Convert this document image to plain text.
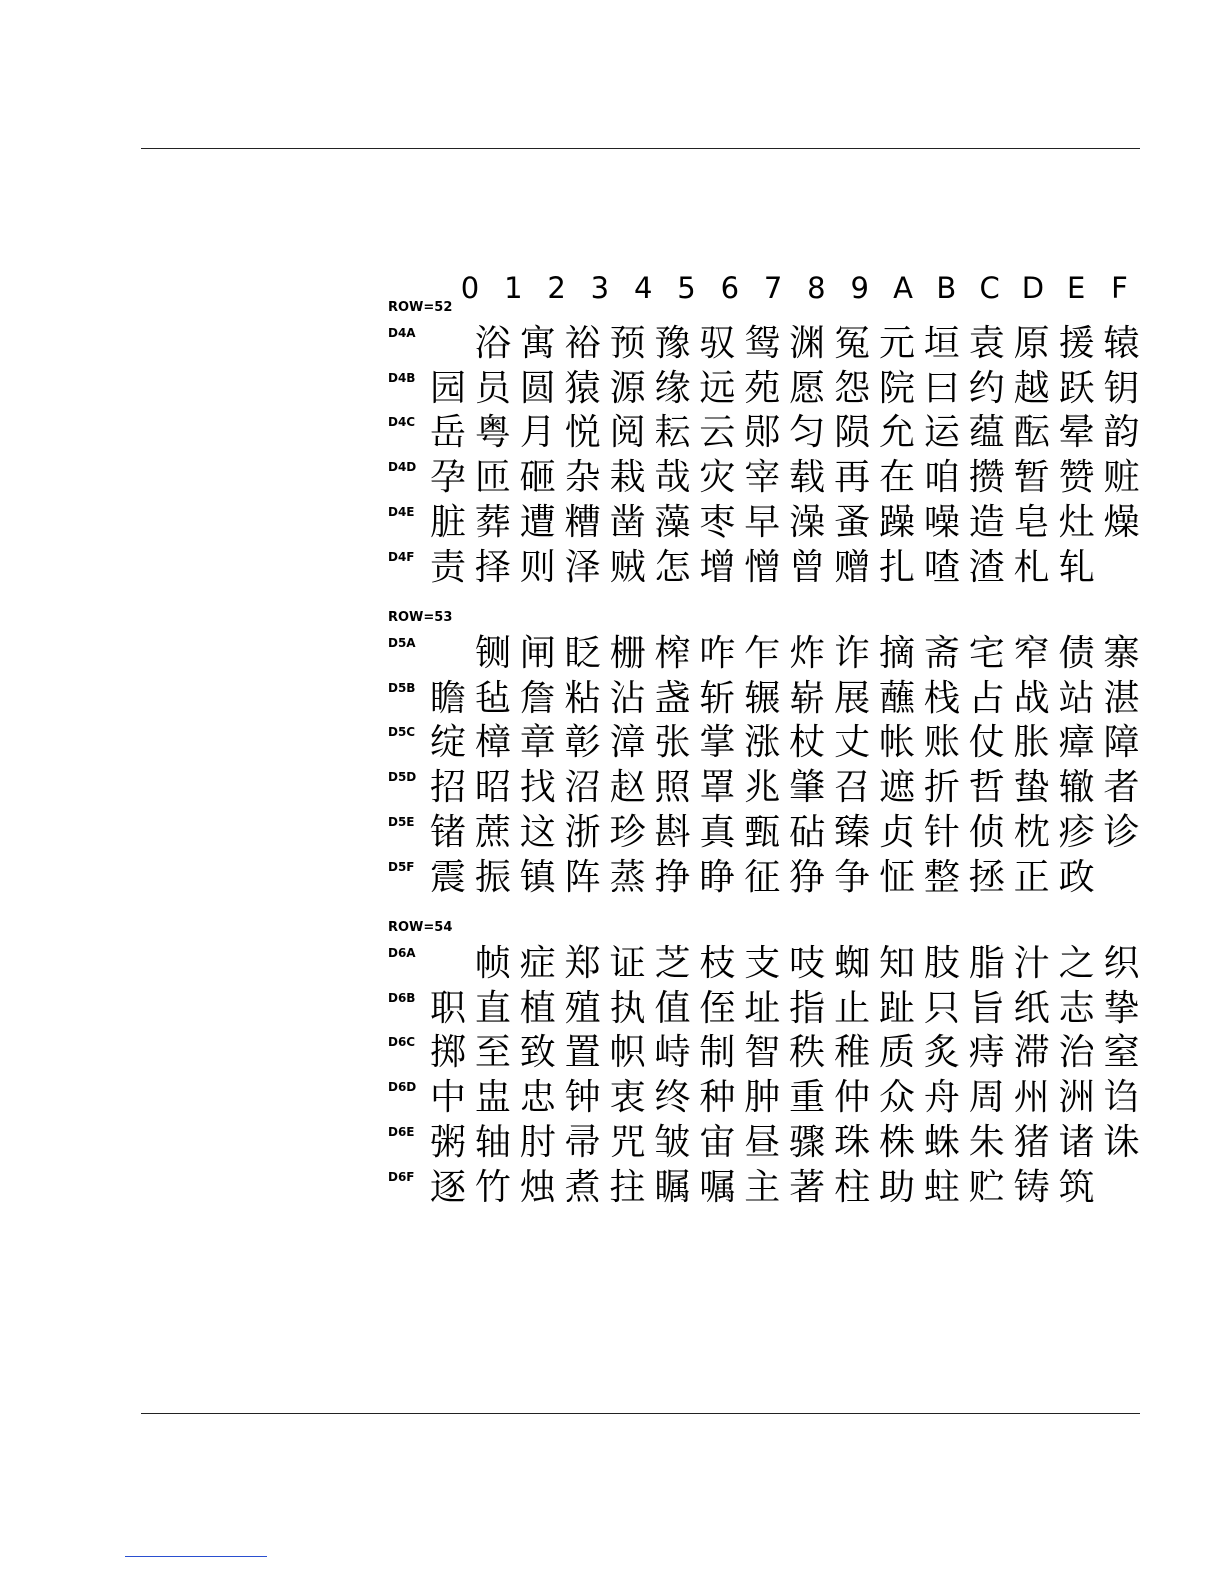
0 1 2 3 4 5 6 7 8 9 A B C D E F
ROW=52
D4A 浴 寓 裕 预 豫 驭 鸳 渊 冤 元 垣 袁 原 援 辕
D4B 园 员 圆 猿 源 缘 远 苑 愿 怨 院 曰 约 越 跃 钥
D4C 岳 粤 月 悦 阅 耘 云 郧 匀 陨 允 运 蕴 酝 晕 韵
D4D 孕 匝 砸 杂 栽 哉 灾 宰 载 再 在 咱 攒 暂 赞 赃
D4E 脏 葬 遭 糟 凿 藻 枣 早 澡 蚤 躁 噪 造 皂 灶 燥
D4F 责 择 则 泽 贼 怎 增 憎 曾 赠 扎 喳 渣 札 轧
ROW=53
D5A 铡 闸 眨 栅 榨 咋 乍 炸 诈 摘 斋 宅 窄 债 寨
D5B 瞻 毡 詹 粘 沾 盏 斩 辗 崭 展 蘸 栈 占 战 站 湛
D5C 绽 樟 章 彰 漳 张 掌 涨 杖 丈 帐 账 仗 胀 瘴 障
D5D 招 昭 找 沼 赵 照 罩 兆 肇 召 遮 折 哲 蛰 辙 者
D5E 锗 蔗 这 浙 珍 斟 真 甄 砧 臻 贞 针 侦 枕 疹 诊
D5F 震 振 镇 阵 蒸 挣 睁 征 狰 争 怔 整 拯 正 政
ROW=54
D6A 帧 症 郑 证 芝 枝 支 吱 蜘 知 肢 脂 汁 之 织
D6B 职 直 植 殖 执 值 侄 址 指 止 趾 只 旨 纸 志 挚
D6C 掷 至 致 置 帜 峙 制 智 秩 稚 质 炙 痔 滞 治 窒
D6D 中 盅 忠 钟 衷 终 种 肿 重 仲 众 舟 周 州 洲 诌
D6E 粥 轴 肘 帚 咒 皱 宙 昼 骤 珠 株 蛛 朱 猪 诸 诛
D6F 逐 竹 烛 煮 拄 瞩 嘱 主 著 柱 助 蛀 贮 铸 筑
